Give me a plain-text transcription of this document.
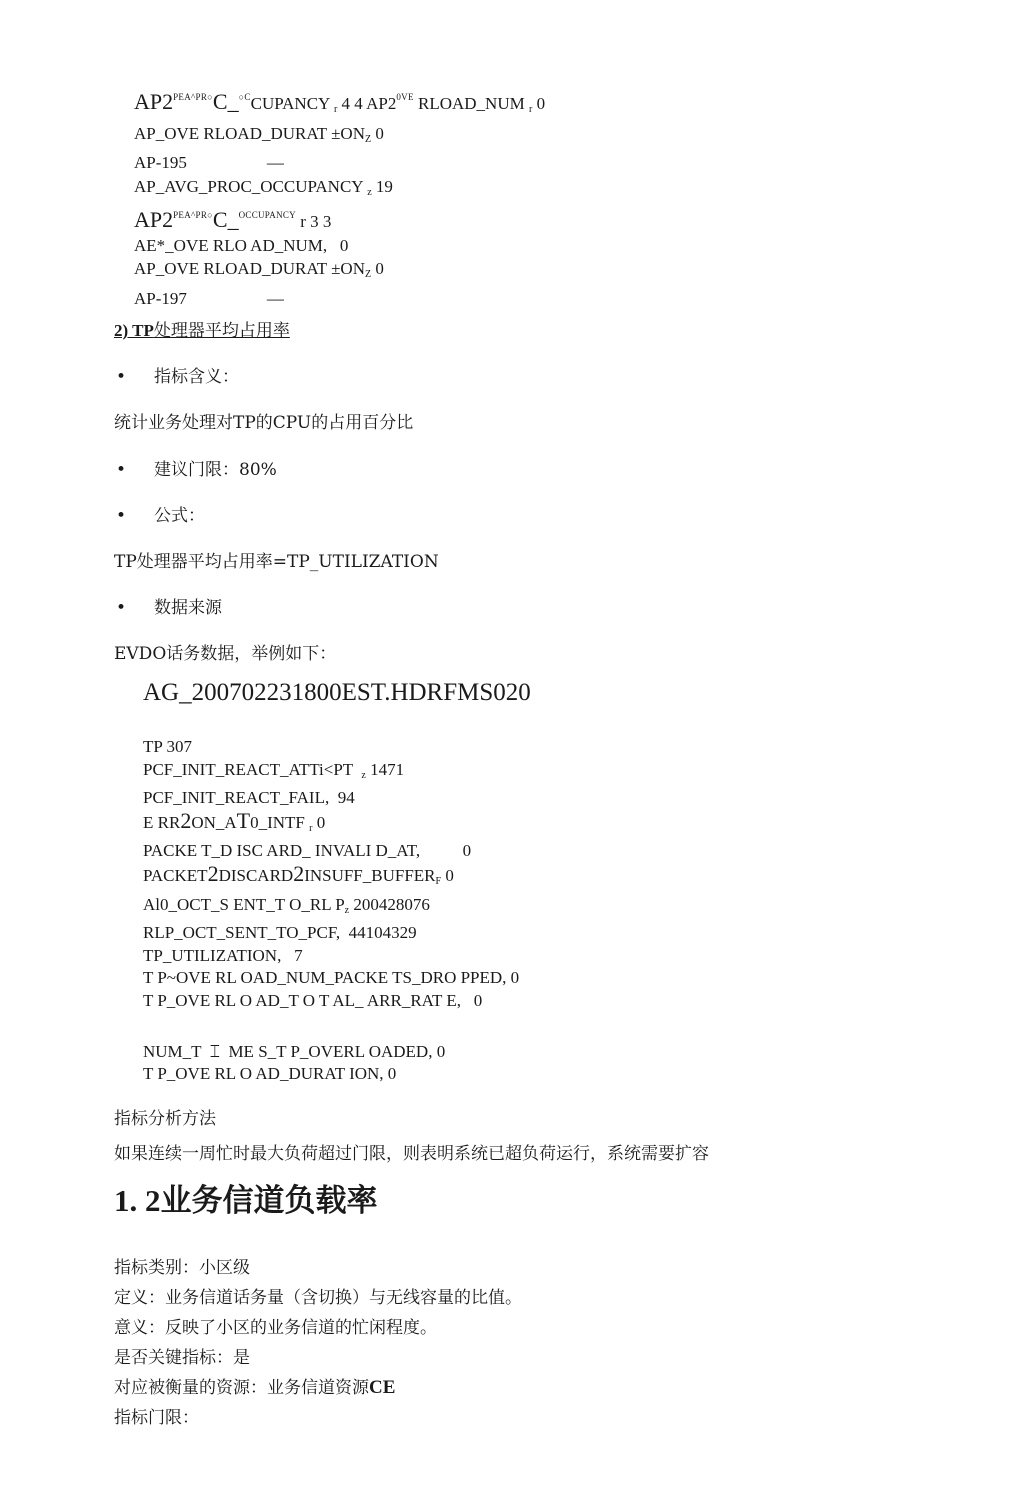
$AP2^{PEA\^{}PR○}C\_^{○C}CUPANCY$ $_r$ 4 4 $AP2^{0VE}$ RLOAD_NUM $_r$ 0
AP_OVE RLOAD_DURAT $\pm ON_Z$ 0
AP-195	—
AP_AVG_PROC_OCCUPANCY $_z$ 19
$AP2^{PEA\^{}PR○}C\_^{OCCUPANCY}$ r 3 3
AE*_OVE RLO AD_NUM,   0
AP_OVE RLOAD_DURAT $\pm ON_Z$ 0
AP-197	—
2) TP处理器平均占用率
• 指标含义：
统计业务处理对TP的CPU的占用百分比
• 建议门限：80%
• 公式：
TP处理器平均占用率=TP_UTILIZATION
• 数据来源
EVDO话务数据，举例如下：
AG_200702231800EST.HDRFMS020
TP 307
PCF_INIT_REACT_ATTi<PT  $_z$ 1471
PCF_INIT_REACT_FAIL,  94
E RR2ON_AT0_INTF $_r$ 0
PACKE T_D ISC ARD_ INVALI D_AT,          0
$PACKET2DISCARD2INSUFF\_BUFFER_F$ 0
Al0_OCT_S ENT_T O_RL $P_z$ 200428076
RLP_OCT_SENT_TO_PCF,  44104329
TP_UTILIZATION,   7
T P~OVE RL OAD_NUM_PACKE TS_DRO PPED, 0
T P_OVE RL O AD_T O T AL_ ARR_RAT E,   0
NUM_T  ⌶  ME S_T P_OVERL OADED, 0
T P_OVE RL O AD_DURAT ION, 0
指标分析方法
如果连续一周忙时最大负荷超过门限，则表明系统已超负荷运行，系统需要扩容
1. 2业务信道负载率
指标类别：小区级
定义：业务信道话务量（含切换）与无线容量的比值。
意义：反映了小区的业务信道的忙闲程度。
是否关键指标：是
对应被衡量的资源：业务信道资源CE
指标门限：
